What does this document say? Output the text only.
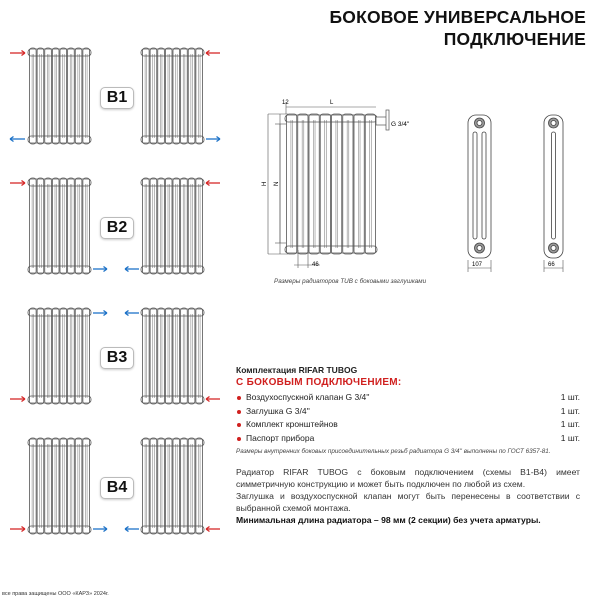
БОКОВОЕ УНИВЕРСАЛЬНОЕ
ПОДКЛЮЧЕНИЕ
B1
B2
B3
B4
12	L
G 3/4''
H N
46	107	66
Размеры радиаторов TUB с боковыми заглушками
Комплектация RIFAR TUBOG
С БОКОВЫМ ПОДКЛЮЧЕНИЕМ:
Воздухоспускной клапан G 3/4''	1 шт.
Заглушка G 3/4''	1 шт.
Комплект кронштейнов	1 шт.
Паспорт прибора	1 шт.
Размеры внутренних боковых присоединительных резьб радиатора G 3/4'' выполнены по ГОСТ 6357-81.

Радиатор RIFAR TUBOG с боковым подключением (схемы В1-В4) имеет симметричную конструкцию и может быть подключен по любой из схем.

Заглушка и воздухоспускной клапан могут быть перенесены в соответствии с выбранной схемой монтажа.

Минимальная длина радиатора – 98 мм (2 секции) без учета арматуры.

все права защищены ООО «КАРЗ» 2024г.
